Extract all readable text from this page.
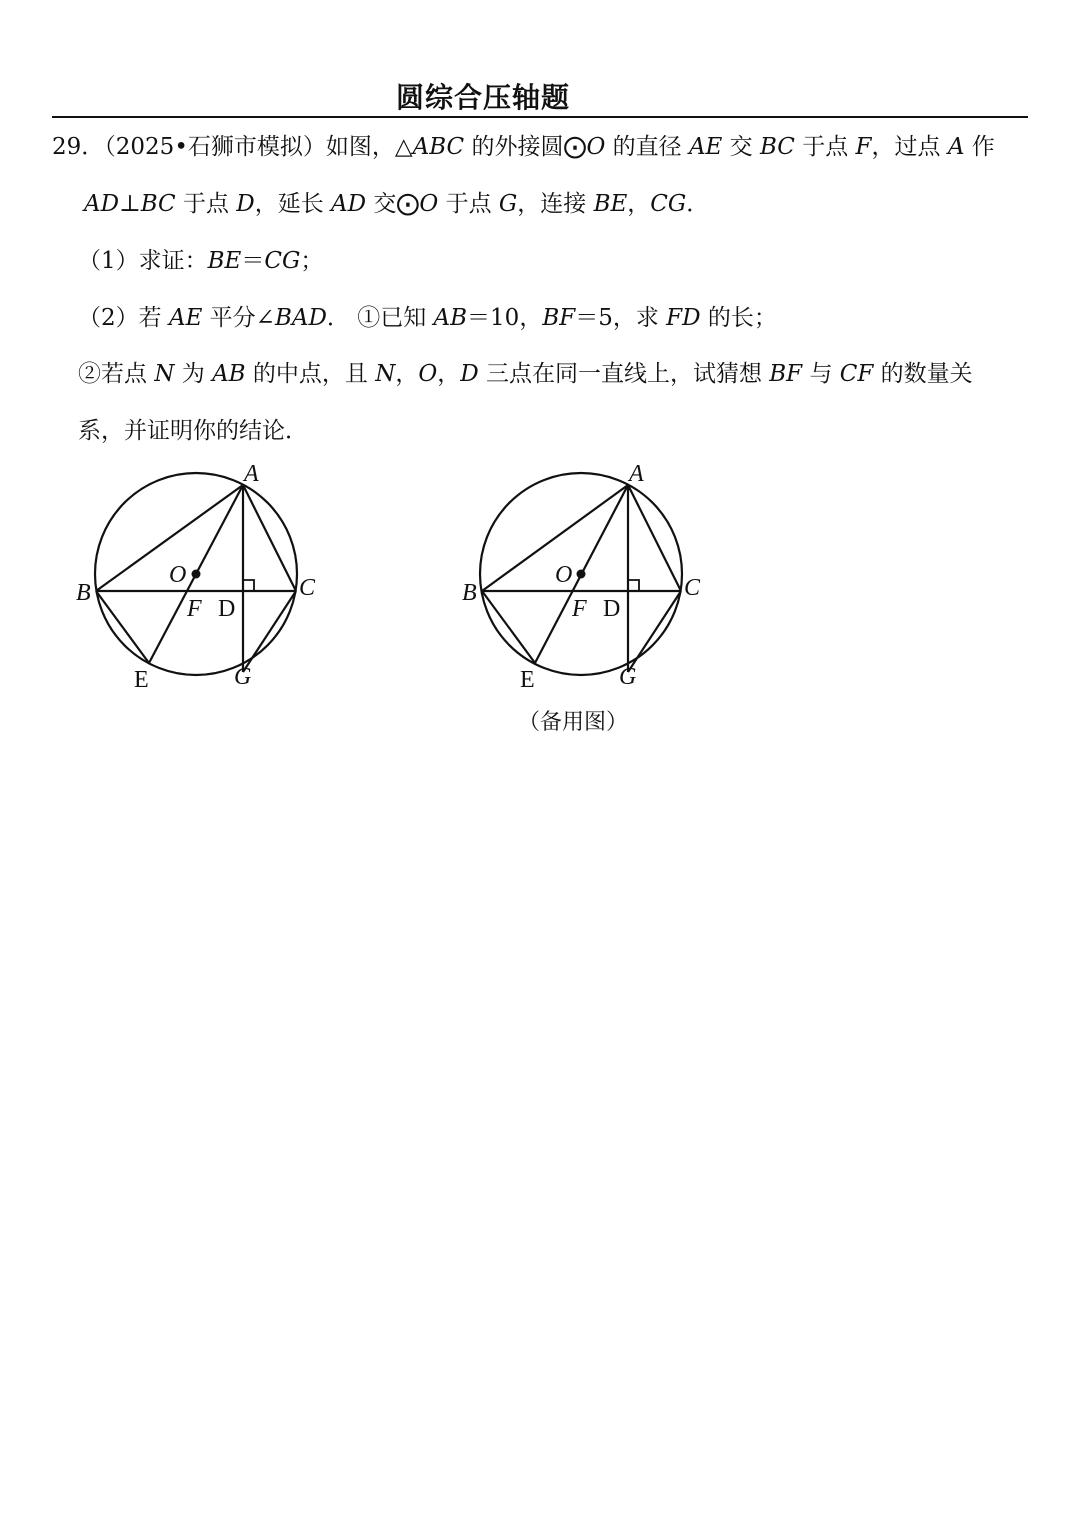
圆综合压轴题
29．（2025•石狮市模拟）如图，△ABC 的外接圆⨀O 的直径 AE 交 BC 于点 F，过点 A 作
AD⊥BC 于点 D，延长 AD 交⨀O 于点 G，连接 BE，CG．
（1）求证：BE＝CG；
（2）若 AE 平分∠BAD． ①已知 AB＝10，BF＝5，求 FD 的长；
②若点 N 为 AB 的中点，且 N，O，D 三点在同一直线上，试猜想 BF 与 CF 的数量关
系，并证明你的结论．
A
B	C
O
F D
E	G
A
B	C
O
F D
E	G
（备用图）
